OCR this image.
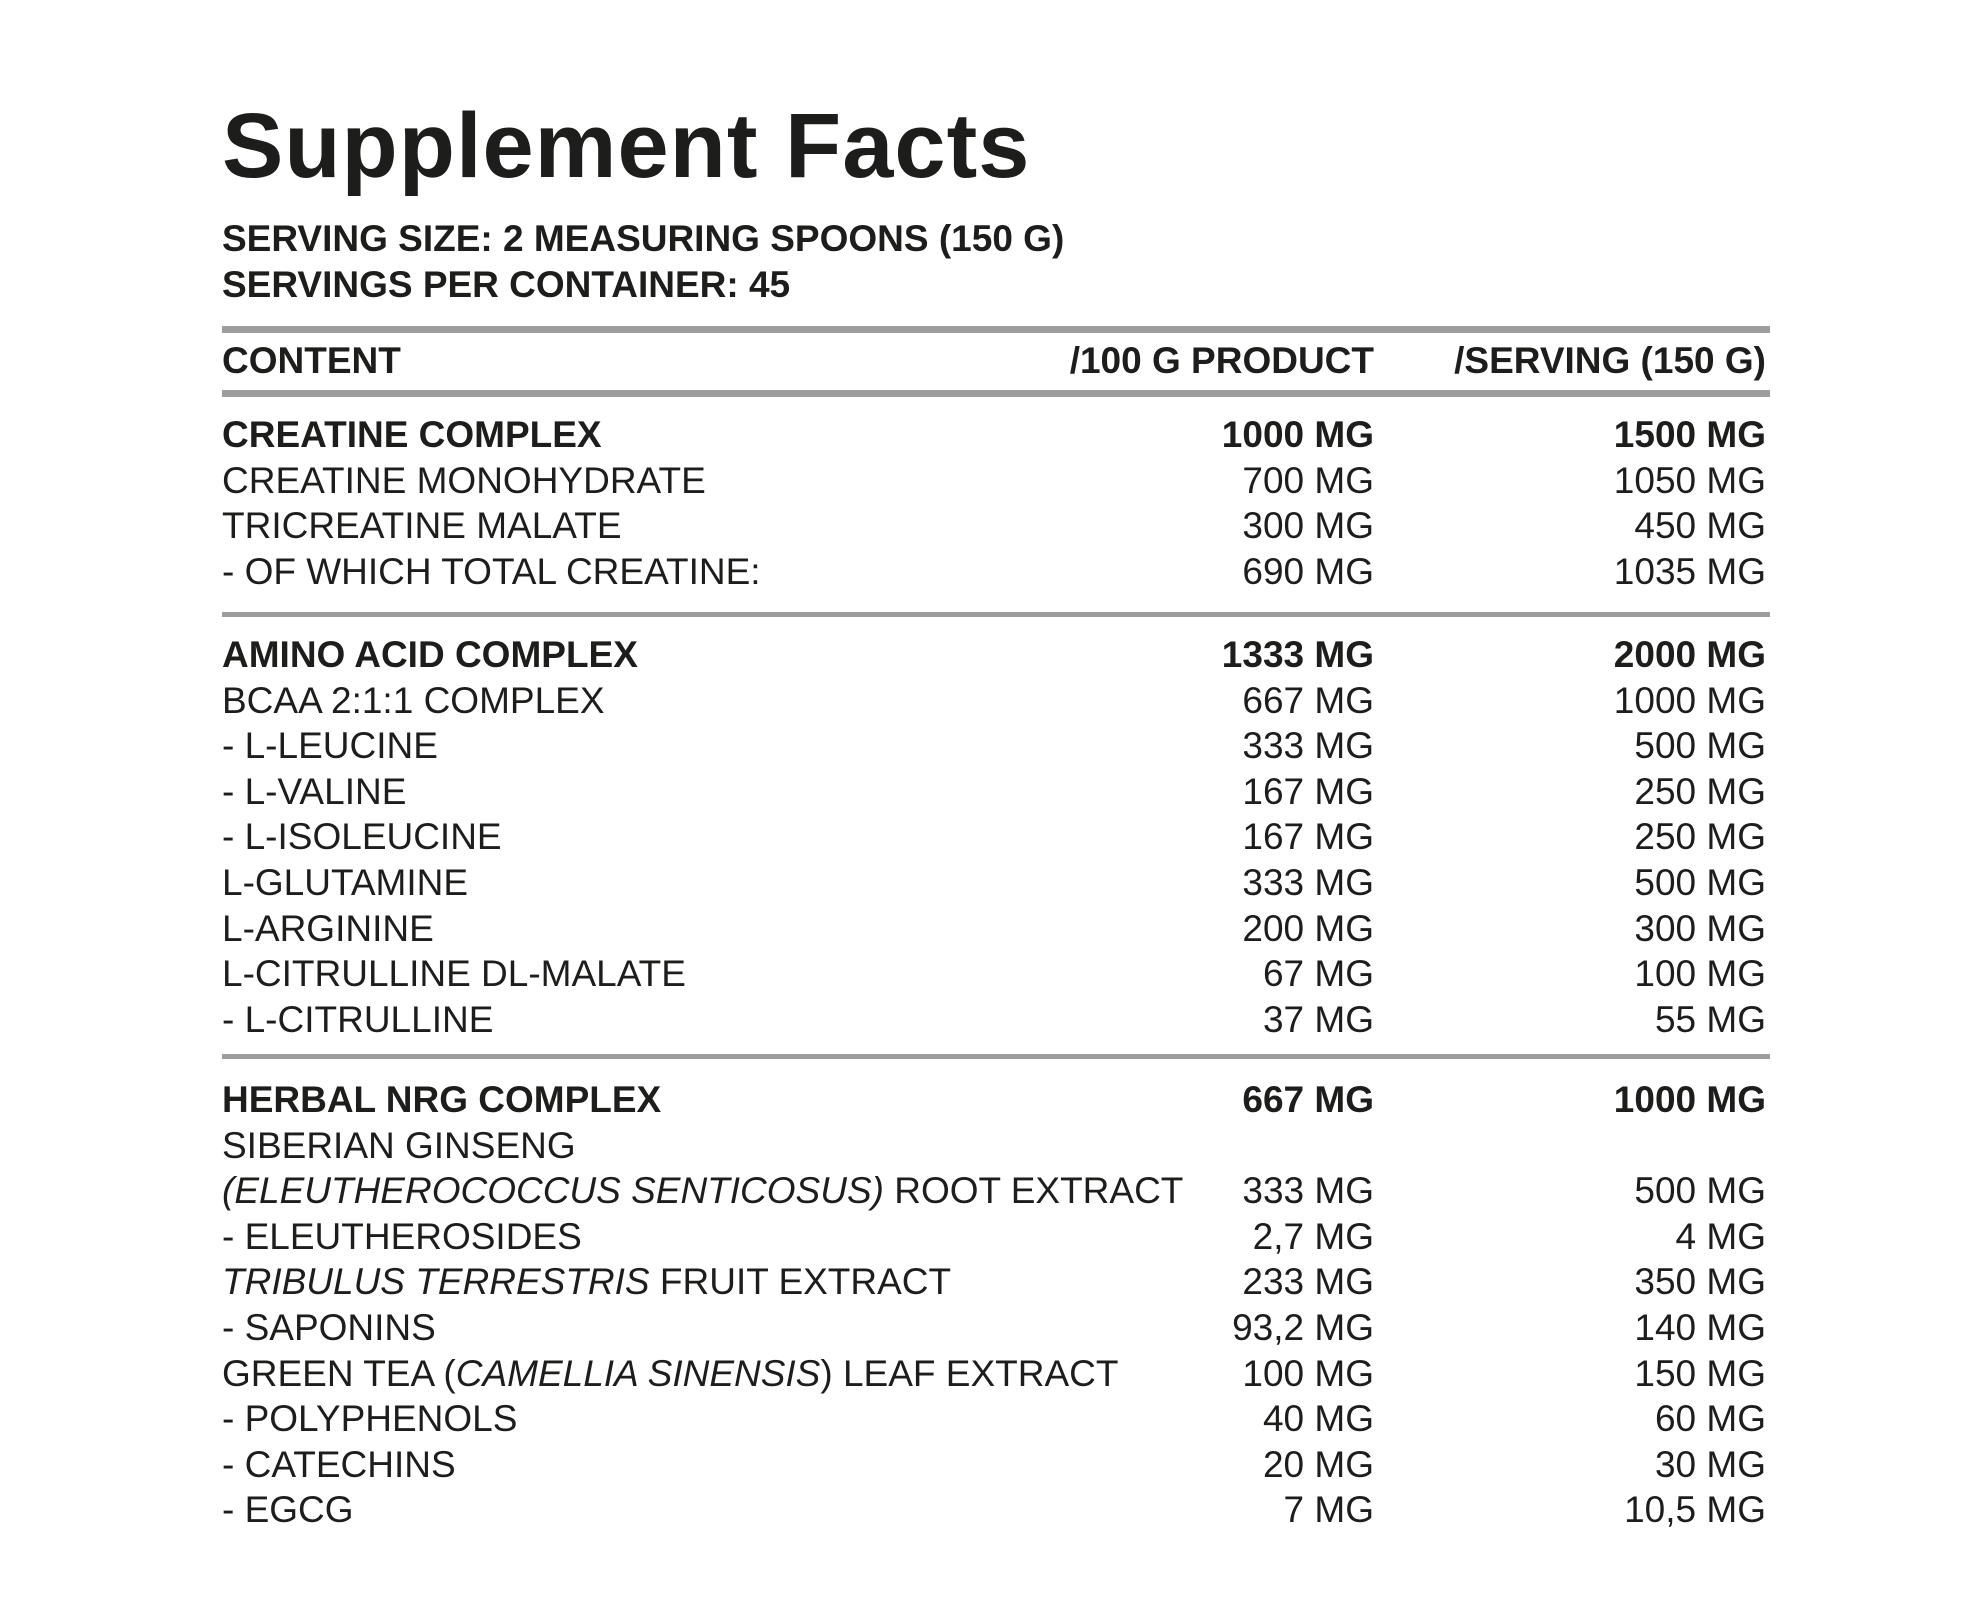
Supplement Facts
SERVING SIZE: 2 MEASURING SPOONS (150 G)
SERVINGS PER CONTAINER: 45
CONTENT	/100 G PRODUCT /SERVING (150 G)
CREATINE COMPLEX	1000 MG	1500 MG
CREATINE MONOHYDRATE	700 MG	1050 MG
TRICREATINE MALATE	300 MG	450 MG
- OF WHICH TOTAL CREATINE:	690 MG	1035 MG
AMINO ACID COMPLEX	1333 MG	2000 MG
BCAA 2:1:1 COMPLEX	667 MG	1000 MG
- L-LEUCINE	333 MG	500 MG
- L-VALINE	167 MG	250 MG
- L-ISOLEUCINE	167 MG	250 MG
L-GLUTAMINE	333 MG	500 MG
L-ARGININE	200 MG	300 MG
L-CITRULLINE DL-MALATE	67 MG	100 MG
- L-CITRULLINE	37 MG	55 MG
HERBAL NRG COMPLEX	667 MG	1000 MG
SIBERIAN GINSENG
(ELEUTHEROCOCCUS SENTICOSUS) ROOT EXTRACT 333 MG	500 MG
- ELEUTHEROSIDES	2,7 MG	4 MG
TRIBULUS TERRESTRIS FRUIT EXTRACT	233 MG	350 MG
- SAPONINS	93,2 MG	140 MG
GREEN TEA (CAMELLIA SINENSIS) LEAF EXTRACT	100 MG	150 MG
- POLYPHENOLS	40 MG	60 MG
- CATECHINS	20 MG	30 MG
- EGCG	7 MG	10,5 MG
